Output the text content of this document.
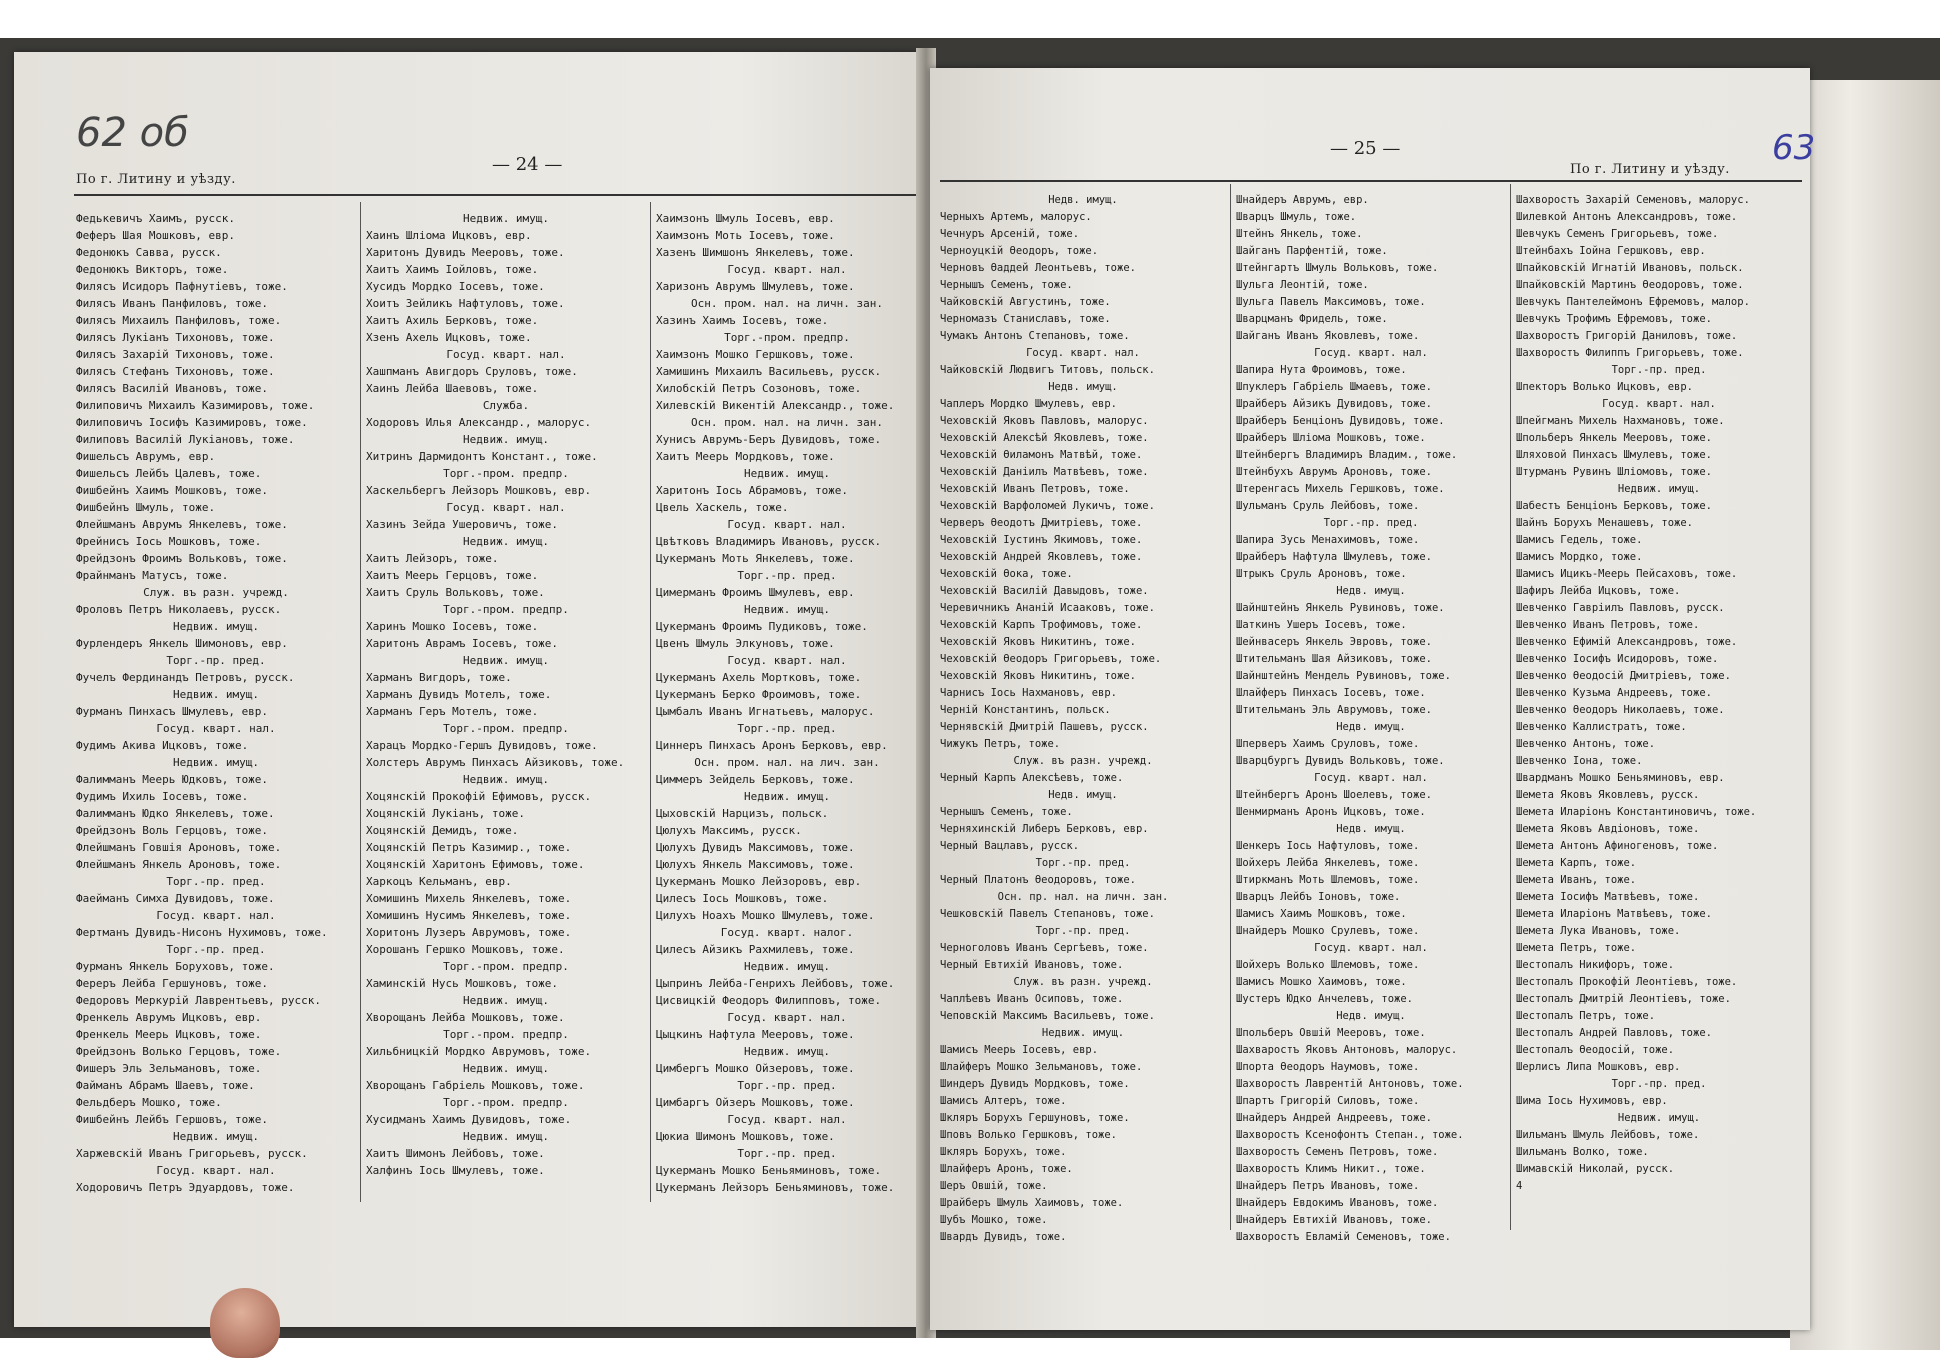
62 об
— 24 —
По г. Литину и уѣзду.
Федькевичъ Хаимъ, русск.
Феферъ Шая Мошковъ, евр.
Федонюкъ Савва, русск.
Федонюкъ Викторъ, тоже.
Филясъ Исидоръ Пафнутіевъ, тоже.
Филясъ Иванъ Панфиловъ, тоже.
Филясъ Михаилъ Панфиловъ, тоже.
Филясъ Лукіанъ Тихоновъ, тоже.
Филясъ Захарій Тихоновъ, тоже.
Филясъ Стефанъ Тихоновъ, тоже.
Филясъ Василій Ивановъ, тоже.
Филиповичъ Михаилъ Казимировъ, тоже.
Филиповичъ Іосифъ Казимировъ, тоже.
Филиповъ Василій Лукіановъ, тоже.
Фишельсъ Аврумъ, евр.
Фишельсъ Лейбъ Цалевъ, тоже.
Фишбейнъ Хаимъ Мошковъ, тоже.
Фишбейнъ Шмуль, тоже.
Флейшманъ Аврумъ Янкелевъ, тоже.
Фрейнисъ Іось Мошковъ, тоже.
Фрейдзонъ Фроимъ Вольковъ, тоже.
Фрайнманъ Матусъ, тоже.
Служ. въ разн. учрежд.
Фроловъ Петръ Николаевъ, русск.
Недвиж. имущ.
Фурлендеръ Янкель Шимоновъ, евр.
Торг.-пр. пред.
Фучелъ Фердинандъ Петровъ, русск.
Недвиж. имущ.
Фурманъ Пинхасъ Шмулевъ, евр.
Госуд. кварт. нал.
Фудимъ Акива Ицковъ, тоже.
Недвиж. имущ.
Фалимманъ Меерь Юдковъ, тоже.
Фудимъ Ихиль Іосевъ, тоже.
Фалимманъ Юдко Янкелевъ, тоже.
Фрейдзонъ Воль Герцовъ, тоже.
Флейшманъ Говшія Ароновъ, тоже.
Флейшманъ Янкель Ароновъ, тоже.
Торг.-пр. пред.
Фаейманъ Симха Дувидовъ, тоже.
Госуд. кварт. нал.
Фертманъ Дувидъ-Нисонъ Нухимовъ, тоже.
Торг.-пр. пред.
Фурманъ Янкель Боруховъ, тоже.
Фереръ Лейба Гершуновъ, тоже.
Федоровъ Меркурій Лаврентьевъ, русск.
Френкель Аврумъ Ицковъ, евр.
Френкель Меерь Ицковъ, тоже.
Фрейдзонъ Волько Герцовъ, тоже.
Фишеръ Эль Зельмановъ, тоже.
Файманъ Абрамъ Шаевъ, тоже.
Фельдберъ Мошко, тоже.
Фишбейнъ Лейбъ Гершовъ, тоже.
Недвиж. имущ.
Харжевскій Иванъ Григорьевъ, русск.
Госуд. кварт. нал.
Ходоровичъ Петръ Эдуардовъ, тоже.
Недвиж. имущ.
Хаинъ Шлiома Ицковъ, евр.
Харитонъ Дувидъ Мееровъ, тоже.
Хаитъ Хаимъ Іойловъ, тоже.
Хусидъ Мордко Іосевъ, тоже.
Хоитъ Зейликъ Нафтуловъ, тоже.
Хаитъ Ахиль Берковъ, тоже.
Хзенъ Ахель Ицковъ, тоже.
Госуд. кварт. нал.
Хашпманъ Авигдоръ Сруловъ, тоже.
Хаинъ Лейба Шаевовъ, тоже.
Служба.
Ходоровъ Илья Александр., малорус.
Недвиж. имущ.
Хитринъ Дармидонтъ Констант., тоже.
Торг.-пром. предпр.
Хаскельбергъ Лейзоръ Мошковъ, евр.
Госуд. кварт. нал.
Хазинъ Зейда Ушеровичъ, тоже.
Недвиж. имущ.
Хаитъ Лейзоръ, тоже.
Хаитъ Меерь Герцовъ, тоже.
Хаитъ Сруль Вольковъ, тоже.
Торг.-пром. предпр.
Харинъ Мошко Іосевъ, тоже.
Харитонъ Аврамъ Іосевъ, тоже.
Недвиж. имущ.
Харманъ Вигдоръ, тоже.
Харманъ Дувидъ Мотелъ, тоже.
Харманъ Геръ Мотелъ, тоже.
Торг.-пром. предпр.
Харацъ Мордко-Гершъ Дувидовъ, тоже.
Холстеръ Аврумъ Пинхасъ Айзиковъ, тоже.
Недвиж. имущ.
Хоцянскій Прокофій Ефимовъ, русск.
Хоцянскій Лукіанъ, тоже.
Хоцянскій Демидъ, тоже.
Хоцянскій Петръ Казимир., тоже.
Хоцянскій Харитонъ Ефимовъ, тоже.
Харкоцъ Кельманъ, евр.
Хомишинъ Михель Янкелевъ, тоже.
Хомишинъ Нусимъ Янкелевъ, тоже.
Хоритонъ Лузеръ Аврумовъ, тоже.
Хорошанъ Гершко Мошковъ, тоже.
Торг.-пром. предпр.
Хаминскій Нусь Мошковъ, тоже.
Недвиж. имущ.
Хворощанъ Лейба Мошковъ, тоже.
Торг.-пром. предпр.
Хильбницкій Мордко Аврумовъ, тоже.
Недвиж. имущ.
Хворощанъ Габріель Мошковъ, тоже.
Торг.-пром. предпр.
Хусидманъ Хаимъ Дувидовъ, тоже.
Недвиж. имущ.
Хаитъ Шимонъ Лейбовъ, тоже.
Халфинъ Іось Шмулевъ, тоже.
Хаимзонъ Шмуль Іосевъ, евр.
Хаимзонъ Моть Іосевъ, тоже.
Хазенъ Шимшонъ Янкелевъ, тоже.
Госуд. кварт. нал.
Харизонъ Аврумъ Шмулевъ, тоже.
Осн. пром. нал. на личн. зан.
Хазинъ Хаимъ Іосевъ, тоже.
Торг.-пром. предпр.
Хаимзонъ Мошко Гершковъ, тоже.
Хамишинъ Михаилъ Васильевъ, русск.
Хилобскій Петръ Созоновъ, тоже.
Хилевскій Викентій Александр., тоже.
Осн. пром. нал. на личн. зан.
Хунисъ Аврумъ-Беръ Дувидовъ, тоже.
Хаитъ Меерь Мордковъ, тоже.
Недвиж. имущ.
Харитонъ Іось Абрамовъ, тоже.
Цвель Хаскель, тоже.
Госуд. кварт. нал.
Цвѣтковъ Владимиръ Ивановъ, русск.
Цукерманъ Моть Янкелевъ, тоже.
Торг.-пр. пред.
Цимерманъ Фроимъ Шмулевъ, евр.
Недвиж. имущ.
Цукерманъ Фроимъ Пудиковъ, тоже.
Цвенъ Шмуль Элкуновъ, тоже.
Госуд. кварт. нал.
Цукерманъ Ахель Мортковъ, тоже.
Цукерманъ Берко Фроимовъ, тоже.
Цымбалъ Иванъ Игнатьевъ, малорус.
Торг.-пр. пред.
Циннеръ Пинхасъ Аронъ Берковъ, евр.
Осн. пром. нал. на лич. зан.
Циммеръ Зейдель Берковъ, тоже.
Недвиж. имущ.
Цыховскій Нарцизъ, польск.
Цюлухъ Максимъ, русск.
Цюлухъ Дувидъ Максимовъ, тоже.
Цюлухъ Янкель Максимовъ, тоже.
Цукерманъ Мошко Лейзоровъ, евр.
Цилесъ Іось Мошковъ, тоже.
Цилухъ Ноахъ Мошко Шмулевъ, тоже.
Госуд. кварт. налог.
Цилесъ Айзикъ Рахмилевъ, тоже.
Недвиж. имущ.
Цыпринъ Лейба-Генрихъ Лейбовъ, тоже.
Цисвицкій Феодоръ Филипповъ, тоже.
Госуд. кварт. нал.
Цыцкинъ Нафтула Мееровъ, тоже.
Недвиж. имущ.
Цимбергъ Мошко Ойзеровъ, тоже.
Торг.-пр. пред.
Цимбаргъ Ойзеръ Мошковъ, тоже.
Госуд. кварт. нал.
Цюкиа Шимонъ Мошковъ, тоже.
Торг.-пр. пред.
Цукерманъ Мошко Беньяминовъ, тоже.
Цукерманъ Лейзоръ Беньяминовъ, тоже.
— 25 —
По г. Литину и уѣзду.
63
Недв. имущ.
Черныхъ Артемъ, малорус.
Чечнуръ Арсеній, тоже.
Черноуцкій Өеодоръ, тоже.
Черновъ Өаддей Леонтьевъ, тоже.
Чернышъ Семенъ, тоже.
Чайковскій Августинъ, тоже.
Черномазъ Станиславъ, тоже.
Чумакъ Антонъ Степановъ, тоже.
Госуд. кварт. нал.
Чайковскій Людвигъ Титовъ, польск.
Недв. имущ.
Чаплеръ Мордко Шмулевъ, евр.
Чеховскій Яковъ Павловъ, малорус.
Чеховскій Алексѣй Яковлевъ, тоже.
Чеховскій Өиламонъ Матвѣй, тоже.
Чеховскій Даніилъ Матвѣевъ, тоже.
Чеховскій Иванъ Петровъ, тоже.
Чеховскій Варфоломей Лукичъ, тоже.
Черверъ Өеодотъ Дмитріевъ, тоже.
Чеховскій Іустинъ Якимовъ, тоже.
Чеховскій Андрей Яковлевъ, тоже.
Чеховскій Өока, тоже.
Чеховскій Василій Давыдовъ, тоже.
Черевичникъ Ананій Исааковъ, тоже.
Чеховскій Карпъ Трофимовъ, тоже.
Чеховскій Яковъ Никитинъ, тоже.
Чеховскій Өеодоръ Григорьевъ, тоже.
Чеховскій Яковъ Никитинъ, тоже.
Чарнисъ Іось Нахмановъ, евр.
Чернiй Константинъ, польск.
Чернявскій Дмитрій Пашевъ, русск.
Чижукъ Петръ, тоже.
Служ. въ разн. учрежд.
Черный Карпъ Алексѣевъ, тоже.
Недв. имущ.
Чернышъ Семенъ, тоже.
Черняхинскій Либеръ Берковъ, евр.
Черный Вацлавъ, русск.
Торг.-пр. пред.
Черный Платонъ Өеодоровъ, тоже.
Осн. пр. нал. на личн. зан.
Чешковскій Павелъ Степановъ, тоже.
Торг.-пр. пред.
Черноголовъ Иванъ Сергѣевъ, тоже.
Черный Евтихій Ивановъ, тоже.
Служ. въ разн. учрежд.
Чаплѣевъ Иванъ Осиповъ, тоже.
Чеповскій Максимъ Васильевъ, тоже.
Недвиж. имущ.
Шамисъ Меерь Іосевъ, евр.
Шлайферъ Мошко Зельмановъ, тоже.
Шиндеръ Дувидъ Мордковъ, тоже.
Шамисъ Алтеръ, тоже.
Шкляръ Борухъ Гершуновъ, тоже.
Шповъ Волько Гершковъ, тоже.
Шкляръ Борухъ, тоже.
Шлайферъ Аронъ, тоже.
Шеръ Овшій, тоже.
Шрайберъ Шмуль Хаимовъ, тоже.
Шубъ Мошко, тоже.
Швардъ Дувидъ, тоже.
Шнайдеръ Аврумъ, евр.
Шварцъ Шмуль, тоже.
Штейнъ Янкель, тоже.
Шайганъ Парфентій, тоже.
Штейнгартъ Шмуль Вольковъ, тоже.
Шульга Леонтій, тоже.
Шульга Павелъ Максимовъ, тоже.
Шварцманъ Фридель, тоже.
Шайганъ Иванъ Яковлевъ, тоже.
Госуд. кварт. нал.
Шапира Нута Фроимовъ, тоже.
Шпуклеръ Габріель Шмаевъ, тоже.
Шрайберъ Айзикъ Дувидовъ, тоже.
Шрайберъ Бенціонъ Дувидовъ, тоже.
Шрайберъ Шлiома Мошковъ, тоже.
Штейнбергъ Владимиръ Владим., тоже.
Штейнбухъ Аврумъ Ароновъ, тоже.
Штеренгасъ Михель Гершковъ, тоже.
Шульманъ Сруль Лейбовъ, тоже.
Торг.-пр. пред.
Шапира Зусь Менахимовъ, тоже.
Шрайберъ Нафтула Шмулевъ, тоже.
Штрыкъ Сруль Ароновъ, тоже.
Недв. имущ.
Шайнштейнъ Янкель Рувиновъ, тоже.
Шаткинъ Ушеръ Іосевъ, тоже.
Шейнвасеръ Янкель Эвровъ, тоже.
Штительманъ Шая Айзиковъ, тоже.
Шайнштейнъ Мендель Рувиновъ, тоже.
Шлайферъ Пинхасъ Іосевъ, тоже.
Штительманъ Эль Аврумовъ, тоже.
Недв. имущ.
Шперверъ Хаимъ Сруловъ, тоже.
Шварцбургъ Дувидъ Вольковъ, тоже.
Госуд. кварт. нал.
Штейнбергъ Аронъ Шоелевъ, тоже.
Шенмирманъ Аронъ Ицковъ, тоже.
Недв. имущ.
Шенкеръ Іось Нафтуловъ, тоже.
Шойхеръ Лейба Янкелевъ, тоже.
Штиркманъ Моть Шлемовъ, тоже.
Шварцъ Лейбъ Іоновъ, тоже.
Шамисъ Хаимъ Мошковъ, тоже.
Шнайдеръ Мошко Срулевъ, тоже.
Госуд. кварт. нал.
Шойхеръ Волько Шлемовъ, тоже.
Шамисъ Мошко Хаимовъ, тоже.
Шустеръ Юдко Анчелевъ, тоже.
Недв. имущ.
Шпольберъ Овшій Мееровъ, тоже.
Шахваростъ Яковъ Антоновъ, малорус.
Шпорта Өеодоръ Наумовъ, тоже.
Шахворостъ Лаврентій Антоновъ, тоже.
Шпартъ Григорій Силовъ, тоже.
Шнайдеръ Андрей Андреевъ, тоже.
Шахворостъ Ксенофонтъ Степан., тоже.
Шахворостъ Семенъ Петровъ, тоже.
Шахворостъ Климъ Никит., тоже.
Шнайдеръ Петръ Ивановъ, тоже.
Шнайдеръ Евдокимъ Ивановъ, тоже.
Шнайдеръ Евтихій Ивановъ, тоже.
Шахворостъ Евламій Семеновъ, тоже.
Шахворостъ Захарій Семеновъ, малорус.
Шилевкой Антонъ Александровъ, тоже.
Шевчукъ Семенъ Григорьевъ, тоже.
Штейнбахъ Іойна Гершковъ, евр.
Шпайковскій Игнатій Ивановъ, польск.
Шпайковскій Мартинъ Өеодоровъ, тоже.
Шевчукъ Пантелеймонъ Ефремовъ, малор.
Шевчукъ Трофимъ Ефремовъ, тоже.
Шахворостъ Григорій Даниловъ, тоже.
Шахворостъ Филиппъ Григорьевъ, тоже.
Торг.-пр. пред.
Шпекторъ Волько Ицковъ, евр.
Госуд. кварт. нал.
Шпейгманъ Михель Нахмановъ, тоже.
Шпольберъ Янкель Мееровъ, тоже.
Шляховой Пинхасъ Шмулевъ, тоже.
Штурманъ Рувинъ Шлiомовъ, тоже.
Недвиж. имущ.
Шабестъ Бенціонъ Берковъ, тоже.
Шайнъ Борухъ Менашевъ, тоже.
Шамисъ Гедель, тоже.
Шамисъ Мордко, тоже.
Шамисъ Ицикъ-Меерь Пейсаховъ, тоже.
Шафиръ Лейба Ицковъ, тоже.
Шевченко Гавріилъ Павловъ, русск.
Шевченко Иванъ Петровъ, тоже.
Шевченко Ефимій Александровъ, тоже.
Шевченко Іосифъ Исидоровъ, тоже.
Шевченко Өеодосій Дмитріевъ, тоже.
Шевченко Кузьма Андреевъ, тоже.
Шевченко Өеодоръ Николаевъ, тоже.
Шевченко Каллистратъ, тоже.
Шевченко Антонъ, тоже.
Шевченко Іона, тоже.
Швардманъ Мошко Беньяминовъ, евр.
Шемета Яковъ Яковлевъ, русск.
Шемета Иларіонъ Константиновичъ, тоже.
Шемета Яковъ Авдіоновъ, тоже.
Шемета Антонъ Афиногеновъ, тоже.
Шемета Карпъ, тоже.
Шемета Иванъ, тоже.
Шемета Іосифъ Матвѣевъ, тоже.
Шемета Иларіонъ Матвѣевъ, тоже.
Шемета Лука Ивановъ, тоже.
Шемета Петръ, тоже.
Шестопалъ Никифоръ, тоже.
Шестопалъ Прокофій Леонтіевъ, тоже.
Шестопалъ Дмитрій Леонтіевъ, тоже.
Шестопалъ Петръ, тоже.
Шестопалъ Андрей Павловъ, тоже.
Шестопалъ Өеодосій, тоже.
Шерлисъ Липа Мошковъ, евр.
Торг.-пр. пред.
Шима Іось Нухимовъ, евр.
Недвиж. имущ.
Шильманъ Шмуль Лейбовъ, тоже.
Шильманъ Волко, тоже.
Шимавскій Николай, русск.
4
